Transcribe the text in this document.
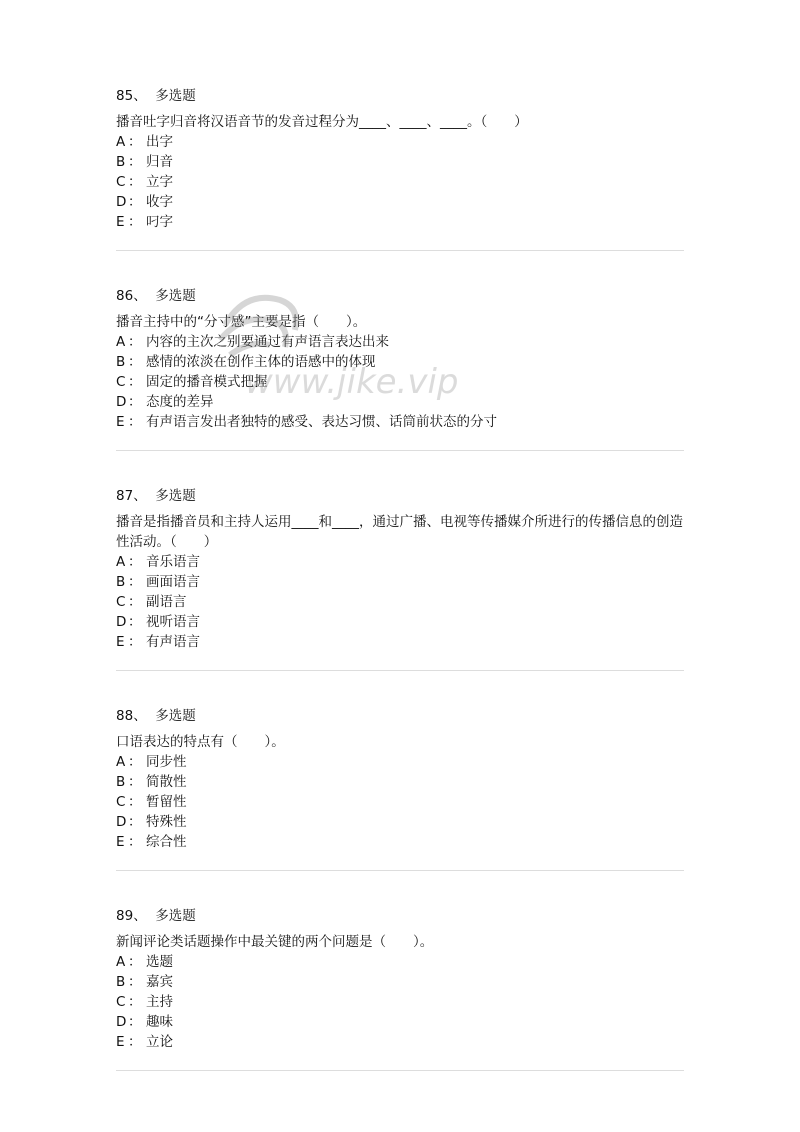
85、 多选题
播音吐字归音将汉语音节的发音过程分为____、____、____。（　　）
A ： 出字
B ： 归音
C ： 立字
D ： 收字
E ： 叼字
86、 多选题
播音主持中的“分寸感”主要是指（　　）。
A ： 内容的主次之别要通过有声语言表达出来
B ： 感情的浓淡在创作主体的语感中的体现
C ： 固定的播音模式把握
D ： 态度的差异
E ： 有声语言发出者独特的感受、表达习惯、话筒前状态的分寸
87、 多选题
播音是指播音员和主持人运用____和____，通过广播、电视等传播媒介所进行的传播信息的创造性活动。（　　）
A ： 音乐语言
B ： 画面语言
C ： 副语言
D ： 视听语言
E ： 有声语言
88、 多选题
口语表达的特点有（　　）。
A ： 同步性
B ： 简散性
C ： 暂留性
D ： 特殊性
E ： 综合性
89、 多选题
新闻评论类话题操作中最关键的两个问题是（　　）。
A ： 选题
B ： 嘉宾
C ： 主持
D ： 趣味
E ： 立论
www.jike.vip
